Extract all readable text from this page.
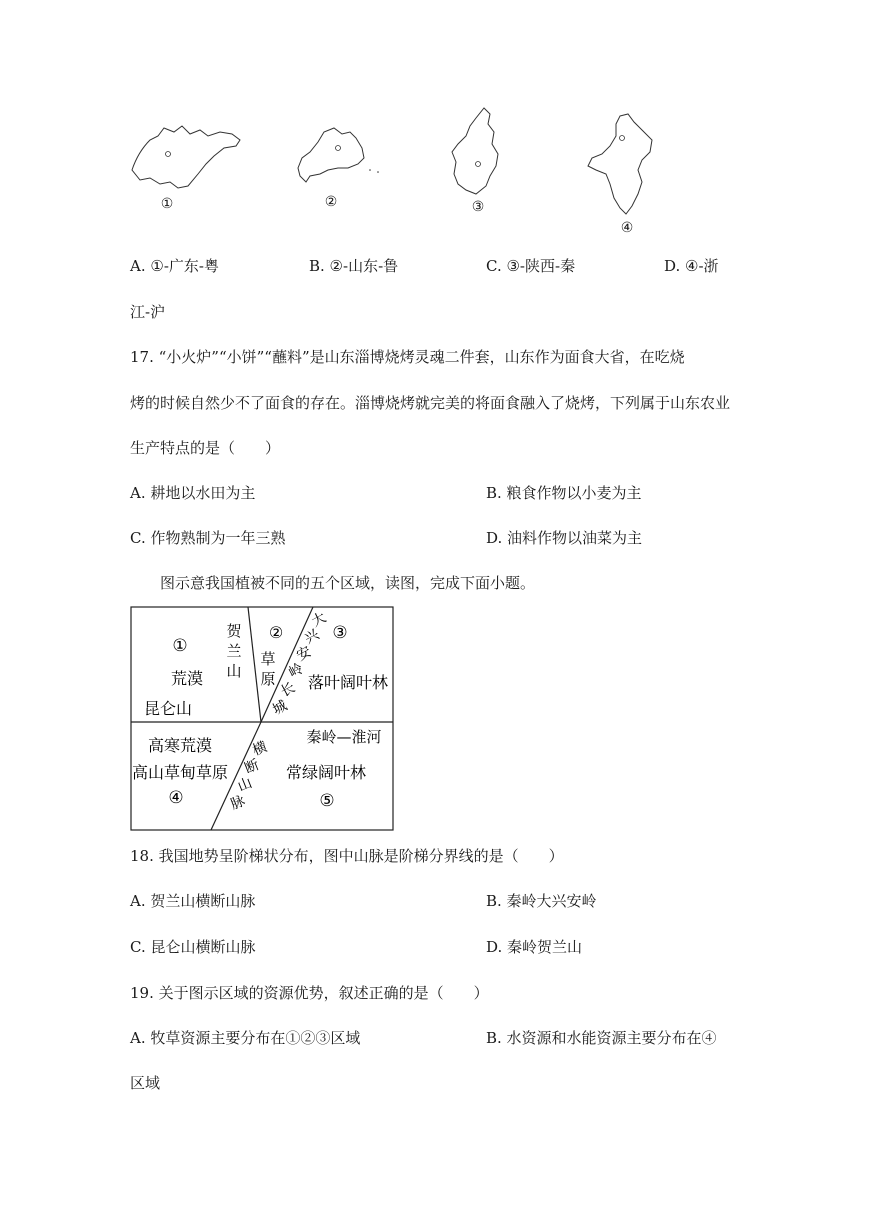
①	②	③
④
A. ①-广东-粤	B. ②-山东-鲁	C. ③-陕西-秦	D. ④-浙
江-沪
17. “小火炉”“小饼”“蘸料”是山东淄博烧烤灵魂二件套，山东作为面食大省，在吃烧
烤的时候自然少不了面食的存在。淄博烧烤就完美的将面食融入了烧烤，下列属于山东农业
生产特点的是（　　）
A. 耕地以水田为主	B. 粮食作物以小麦为主
C. 作物熟制为一年三熟	D. 油料作物以油菜为主
图示意我国植被不同的五个区域，读图，完成下面小题。
①
荒漠
昆仑山
贺
兰
山
②
草
原
大
兴
安
岭
长
城
③
落叶阔叶林
高寒荒漠
高山草甸草原
④
横
断
山
脉
秦岭—淮河
常绿阔叶林
⑤
18. 我国地势呈阶梯状分布，图中山脉是阶梯分界线的是（　　）
A. 贺兰山横断山脉	B. 秦岭大兴安岭
C. 昆仑山横断山脉	D. 秦岭贺兰山
19. 关于图示区域的资源优势，叙述正确的是（　　）
A. 牧草资源主要分布在①②③区域	B. 水资源和水能资源主要分布在④
区域
